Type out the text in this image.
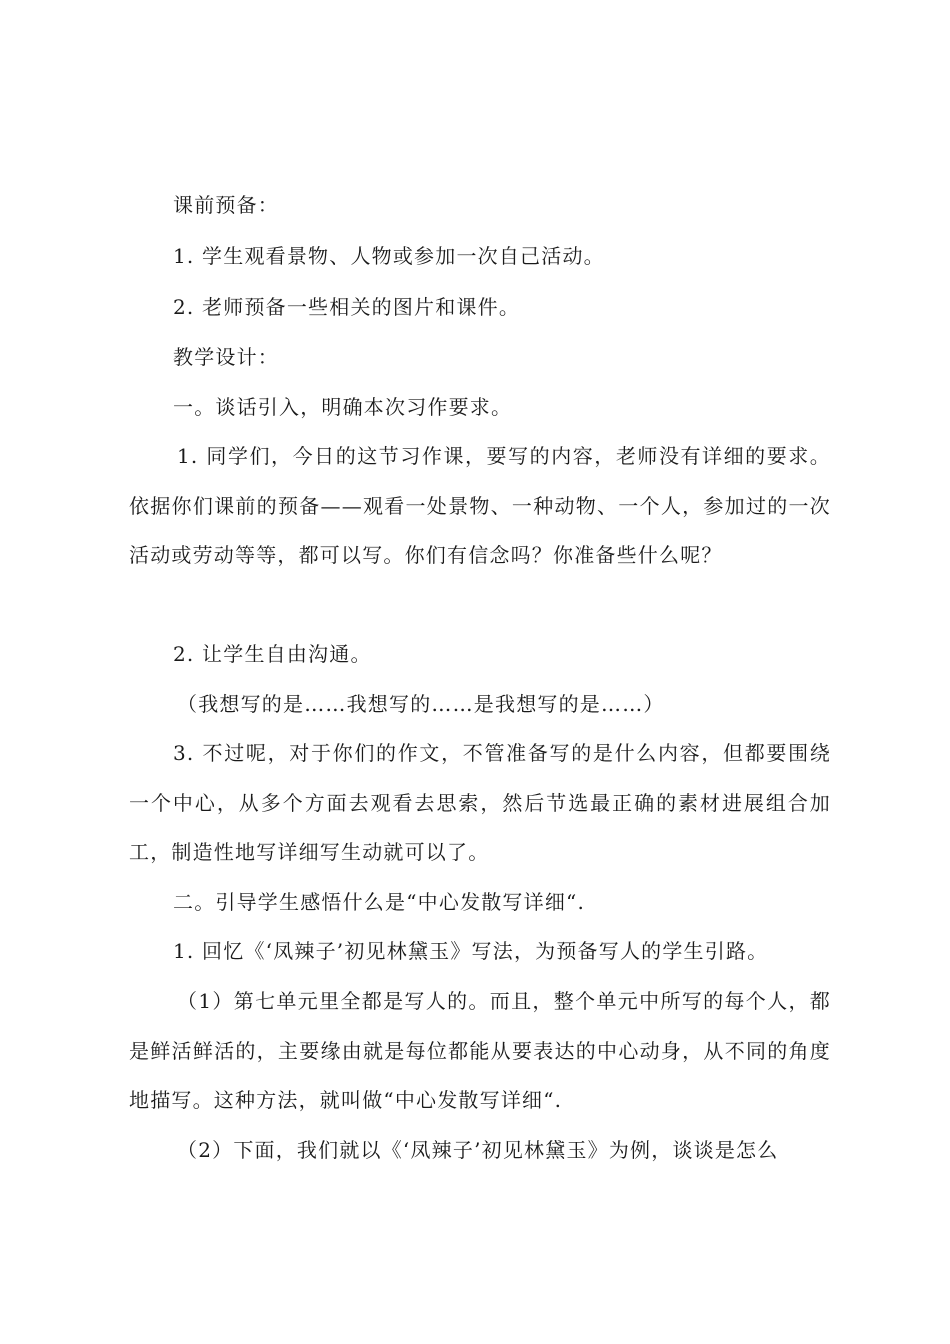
课前预备：
1. 学生观看景物、人物或参加一次自己活动。
2. 老师预备一些相关的图片和课件。
教学设计：
一。谈话引入，明确本次习作要求。
1. 同学们，今日的这节习作课，要写的内容，老师没有详细的要求。依据你们课前的预备——观看一处景物、一种动物、一个人，参加过的一次活动或劳动等等，都可以写。你们有信念吗？你准备些什么呢？
2. 让学生自由沟通。
（我想写的是……我想写的……是我想写的是……）
3. 不过呢，对于你们的作文，不管准备写的是什么内容，但都要围绕一个中心，从多个方面去观看去思索，然后节选最正确的素材进展组合加工，制造性地写详细写生动就可以了。
二。引导学生感悟什么是“中心发散写详细“.
1. 回忆《‘凤辣子’初见林黛玉》写法，为预备写人的学生引路。
（1）第七单元里全都是写人的。而且，整个单元中所写的每个人，都是鲜活鲜活的，主要缘由就是每位都能从要表达的中心动身，从不同的角度地描写。这种方法，就叫做“中心发散写详细“.
（2）下面，我们就以《‘凤辣子’初见林黛玉》为例，谈谈是怎么
